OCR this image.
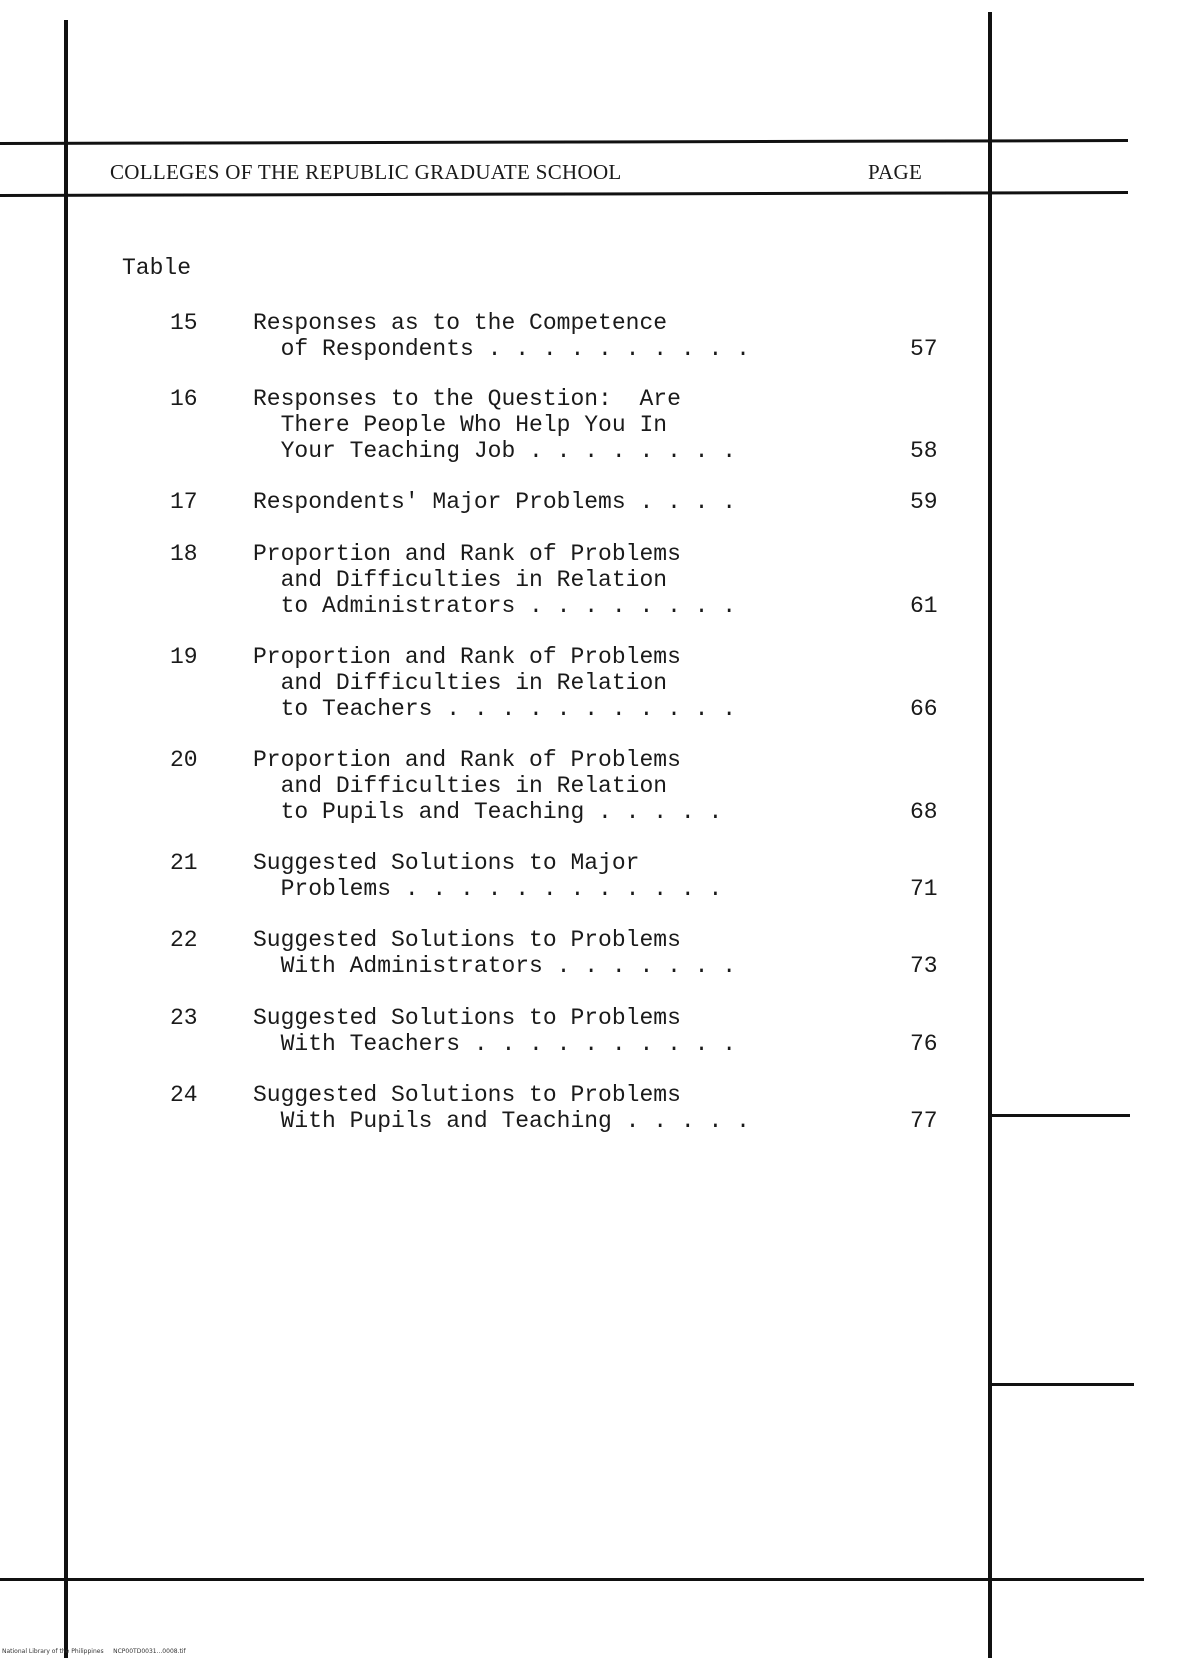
COLLEGES OF THE REPUBLIC GRADUATE SCHOOL	PAGE
Table
15 Responses as to the Competence
of Respondents . . . . . . . . . .	57
16 Responses to the Question:  Are
There People Who Help You In
Your Teaching Job . . . . . . . .	58
17 Respondents' Major Problems . . . .	59
18 Proportion and Rank of Problems
and Difficulties in Relation
to Administrators . . . . . . . .	61
19 Proportion and Rank of Problems
and Difficulties in Relation
to Teachers . . . . . . . . . . .	66
20 Proportion and Rank of Problems
and Difficulties in Relation
to Pupils and Teaching . . . . .	68
21 Suggested Solutions to Major
Problems . . . . . . . . . . . .	71
22 Suggested Solutions to Problems
With Administrators . . . . . . .	73
23 Suggested Solutions to Problems
With Teachers . . . . . . . . . .	76
24 Suggested Solutions to Problems
With Pupils and Teaching . . . . .	77
National Library of the Philippines     NCP00TD0031...0008.tif
